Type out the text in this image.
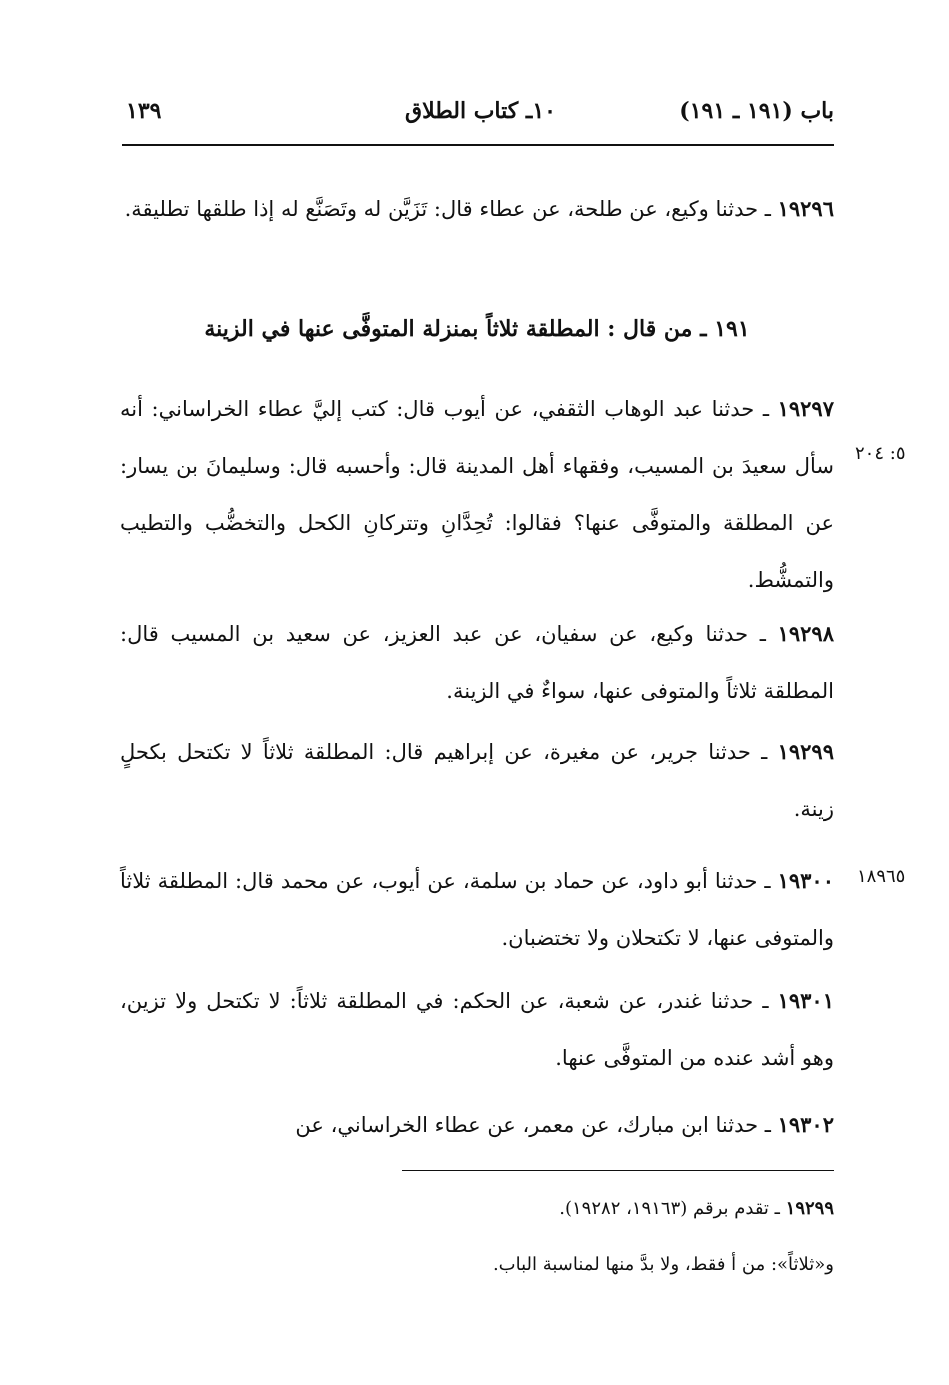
باب (١٩١ ـ ١٩١)
١٠ـ كتاب الطلاق
١٣٩
١٩٢٩٦ ـ حدثنا وكيع، عن طلحة، عن عطاء قال: تَزَيَّن له وتَصَنَّع له إذا طلقها تطليقة.
١٩١ ـ من قال : المطلقة ثلاثاً بمنزلة المتوفَّى عنها في الزينة
١٩٢٩٧ ـ حدثنا عبد الوهاب الثقفي، عن أيوب قال: كتب إليَّ عطاء الخراساني: أنه سأل سعيدَ بن المسيب، وفقهاء أهل المدينة قال: وأحسبه قال: وسليمانَ بن يسار: عن المطلقة والمتوفَّى عنها؟ فقالوا: تُحِدَّانِ وتتركانِ الكحل والتخضُّب والتطيب والتمشُّط.
١٩٢٩٨ ـ حدثنا وكيع، عن سفيان، عن عبد العزيز، عن سعيد بن المسيب قال: المطلقة ثلاثاً والمتوفى عنها، سواءٌ في الزينة.
١٩٢٩٩ ـ حدثنا جرير، عن مغيرة، عن إبراهيم قال: المطلقة ثلاثاً لا تكتحل بكحلٍ زينة.
١٩٣٠٠ ـ حدثنا أبو داود، عن حماد بن سلمة، عن أيوب، عن محمد قال: المطلقة ثلاثاً والمتوفى عنها، لا تكتحلان ولا تختضبان.
١٩٣٠١ ـ حدثنا غندر، عن شعبة، عن الحكم: في المطلقة ثلاثاً: لا تكتحل ولا تزين، وهو أشد عنده من المتوفَّى عنها.
١٩٣٠٢ ـ حدثنا ابن مبارك، عن معمر، عن عطاء الخراساني، عن
٥: ٢٠٤
١٨٩٦٥
١٩٢٩٩ ـ تقدم برقم (١٩١٦٣، ١٩٢٨٢).
و«ثلاثاً»: من أ فقط، ولا بدَّ منها لمناسبة الباب.
